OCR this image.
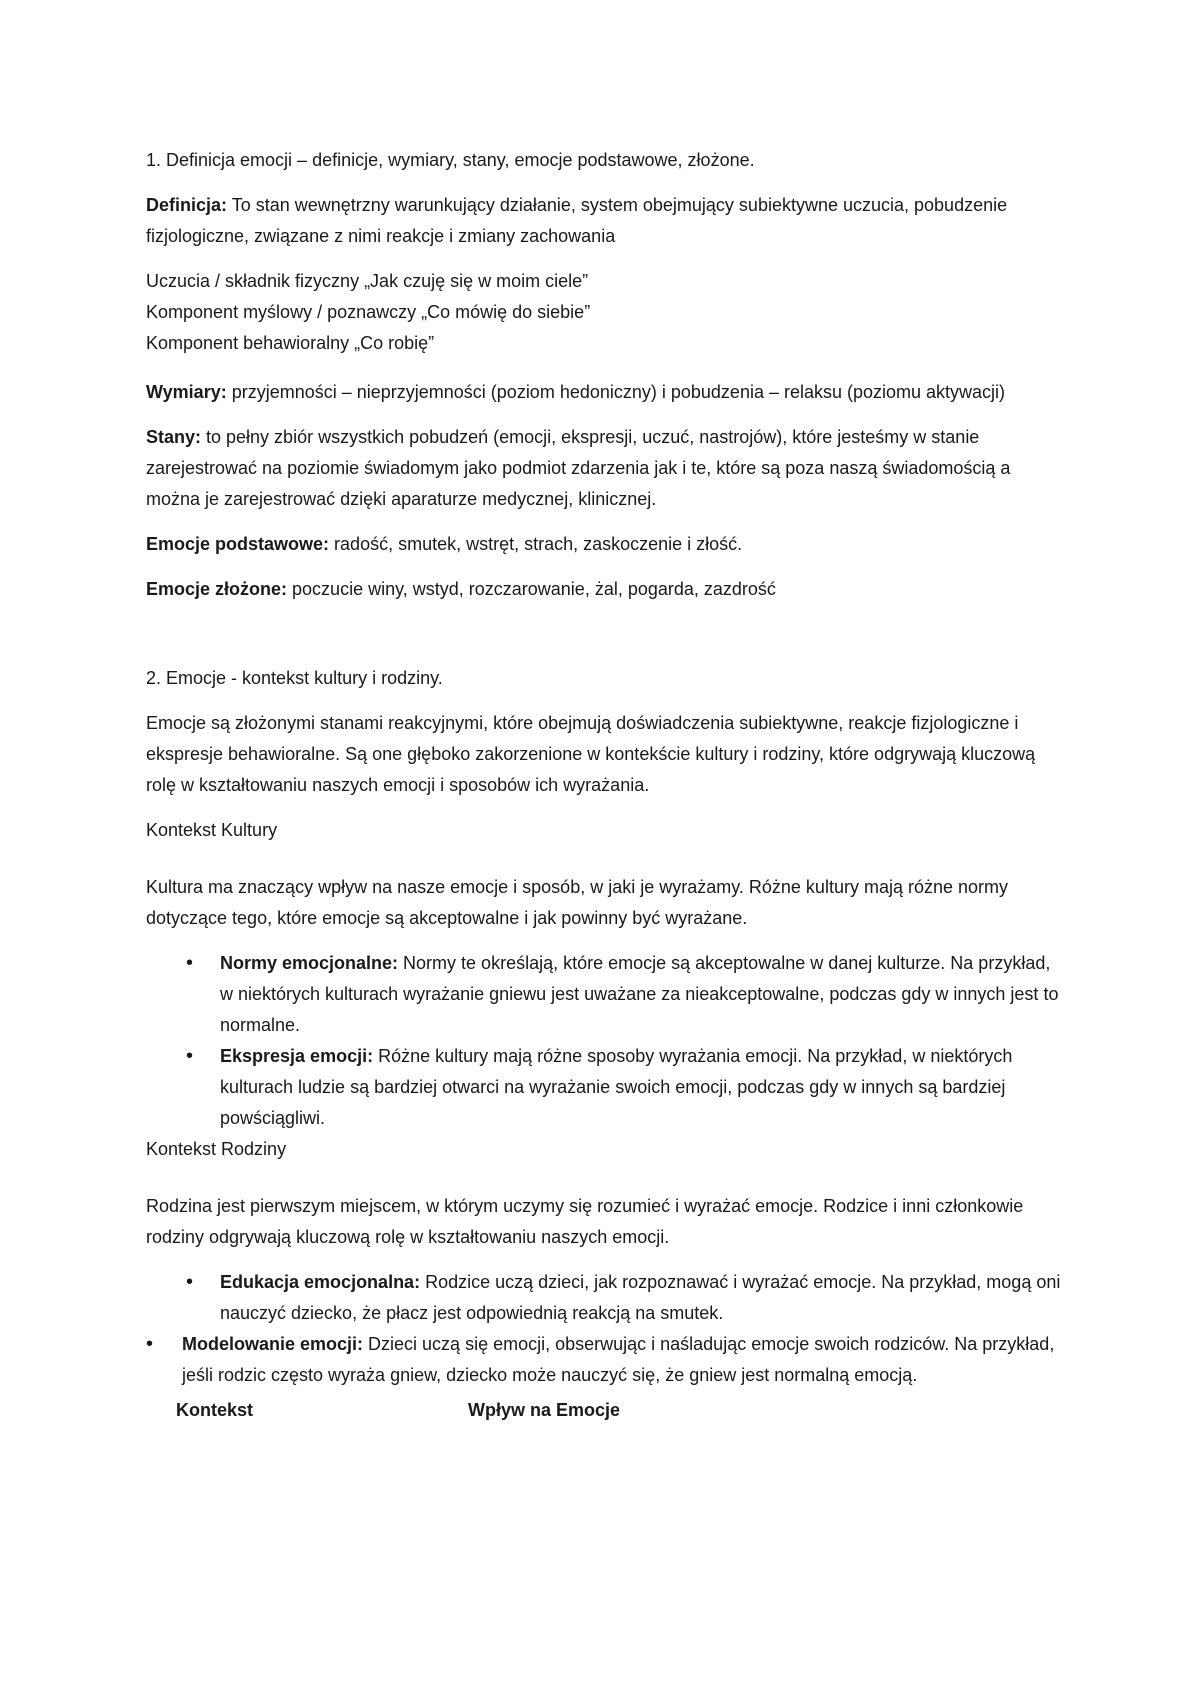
1. Definicja emocji – definicje, wymiary, stany, emocje podstawowe, złożone.

Definicja: To stan wewnętrzny warunkujący działanie, system obejmujący subiektywne uczucia, pobudzenie fizjologiczne, związane z nimi reakcje i zmiany zachowania

Uczucia / składnik fizyczny „Jak czuję się w moim ciele”

Komponent myślowy / poznawczy „Co mówię do siebie”

Komponent behawioralny „Co robię”

Wymiary: przyjemności – nieprzyjemności (poziom hedoniczny) i pobudzenia – relaksu (poziomu aktywacji)

Stany: to pełny zbiór wszystkich pobudzeń (emocji, ekspresji, uczuć, nastrojów), które jesteśmy w stanie zarejestrować na poziomie świadomym jako podmiot zdarzenia jak i te, które są poza naszą świadomością a można je zarejestrować dzięki aparaturze medycznej, klinicznej.

Emocje podstawowe: radość, smutek, wstręt, strach, zaskoczenie i złość.

Emocje złożone: poczucie winy, wstyd, rozczarowanie, żal, pogarda, zazdrość

2. Emocje - kontekst kultury i rodziny.

Emocje są złożonymi stanami reakcyjnymi, które obejmują doświadczenia subiektywne, reakcje fizjologiczne i ekspresje behawioralne. Są one głęboko zakorzenione w kontekście kultury i rodziny, które odgrywają kluczową rolę w kształtowaniu naszych emocji i sposobów ich wyrażania.

Kontekst Kultury

Kultura ma znaczący wpływ na nasze emocje i sposób, w jaki je wyrażamy. Różne kultury mają różne normy dotyczące tego, które emocje są akceptowalne i jak powinny być wyrażane.

• Normy emocjonalne: Normy te określają, które emocje są akceptowalne w danej kulturze. Na przykład, w niektórych kulturach wyrażanie gniewu jest uważane za nieakceptowalne, podczas gdy w innych jest to normalne.
• Ekspresja emocji: Różne kultury mają różne sposoby wyrażania emocji. Na przykład, w niektórych kulturach ludzie są bardziej otwarci na wyrażanie swoich emocji, podczas gdy w innych są bardziej powściągliwi.

Kontekst Rodziny

Rodzina jest pierwszym miejscem, w którym uczymy się rozumieć i wyrażać emocje. Rodzice i inni członkowie rodziny odgrywają kluczową rolę w kształtowaniu naszych emocji.

• Edukacja emocjonalna: Rodzice uczą dzieci, jak rozpoznawać i wyrażać emocje. Na przykład, mogą oni nauczyć dziecko, że płacz jest odpowiednią reakcją na smutek.
• Modelowanie emocji: Dzieci uczą się emocji, obserwując i naśladując emocje swoich rodziców. Na przykład, jeśli rodzic często wyraża gniew, dziecko może nauczyć się, że gniew jest normalną emocją.
Kontekst	Wpływ na Emocje
